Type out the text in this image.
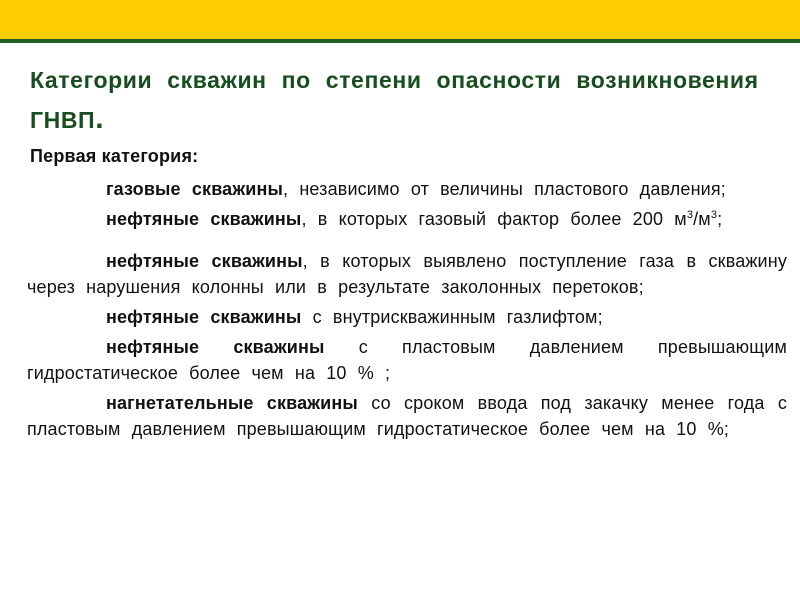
Категории скважин по степени опасности возникновения ГНВП.
Первая категория:

газовые скважины, независимо от величины пластового давления;

нефтяные скважины, в которых газовый фактор более 200 $м^3/м^3$;

нефтяные скважины, в которых выявлено поступление газа в скважину через нарушения колонны или в результате заколонных перетоков;

нефтяные скважины с внутрискважинным газлифтом;

нефтяные скважины с пластовым давлением превышающим гидростатическое более чем на 10 % ;

нагнетательные скважины со сроком ввода под закачку менее года с пластовым давлением превышающим гидростатическое более чем на 10 %;
